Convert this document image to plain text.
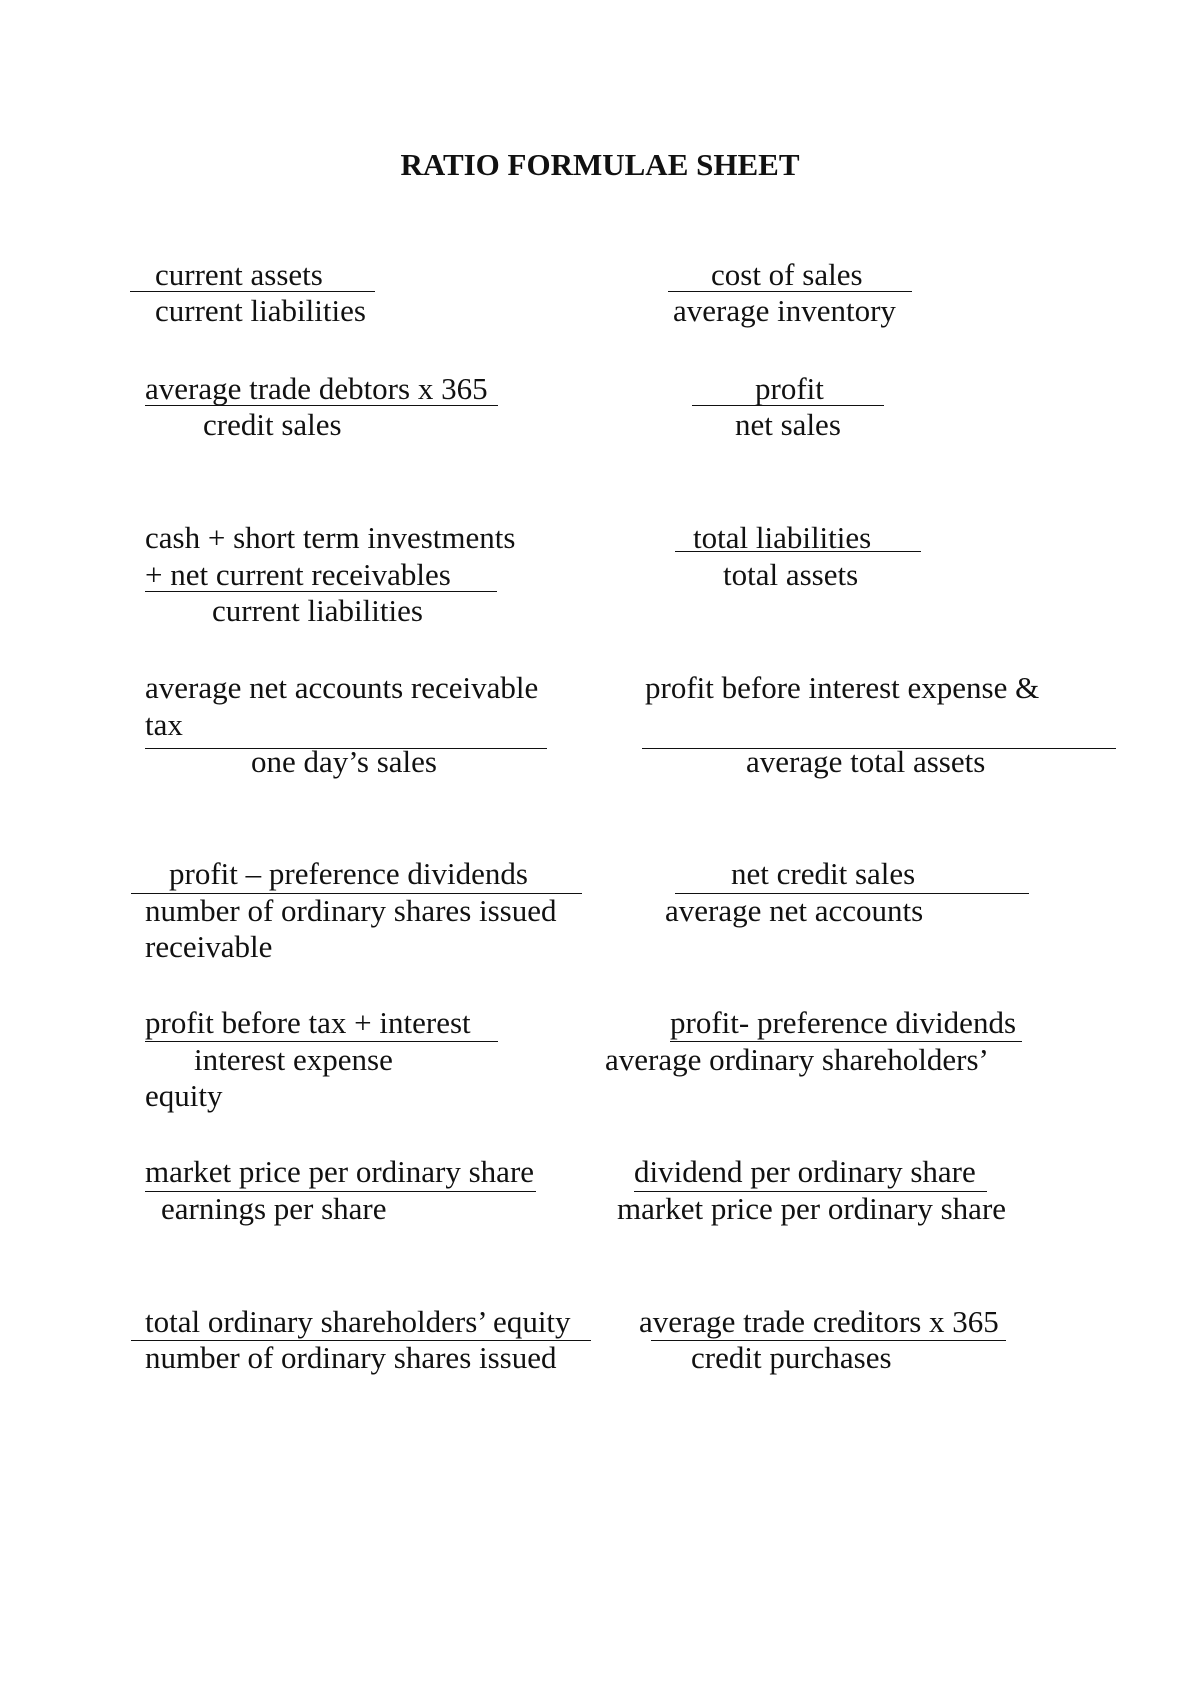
RATIO FORMULAE SHEET
current assets
current liabilities
cost of sales
average inventory
average trade debtors x 365
credit sales
profit
net sales
cash + short term investments
+ net current receivables
current liabilities
total liabilities
total assets
average net accounts receivable
tax
one day’s sales
profit before interest expense &
average total assets
profit – preference dividends
number of ordinary shares issued
receivable
net credit sales
average net accounts
profit before tax + interest
interest expense
equity
profit- preference dividends
average ordinary shareholders’
market price per ordinary share
earnings per share
dividend per ordinary share
market price per ordinary share
total ordinary shareholders’ equity
number of ordinary shares issued
average trade creditors x 365
credit purchases
